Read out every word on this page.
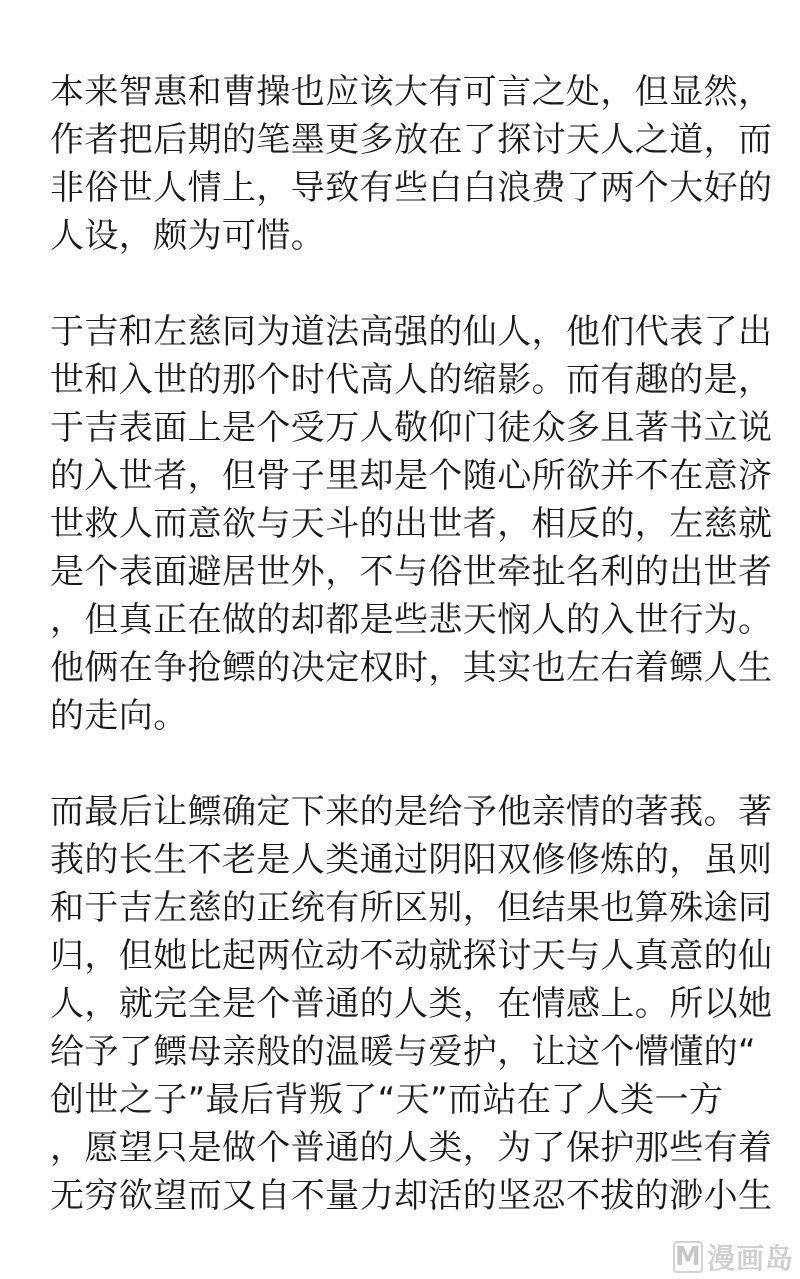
本来智惠和曹操也应该大有可言之处，但显然，
作者把后期的笔墨更多放在了探讨天人之道，而
非俗世人情上，导致有些白白浪费了两个大好的
人设，颇为可惜。
于吉和左慈同为道法高强的仙人，他们代表了出
世和入世的那个时代高人的缩影。而有趣的是，
于吉表面上是个受万人敬仰门徒众多且著书立说
的入世者，但骨子里却是个随心所欲并不在意济
世救人而意欲与天斗的出世者，相反的，左慈就
是个表面避居世外，不与俗世牵扯名利的出世者
，但真正在做的却都是些悲天悯人的入世行为。
他俩在争抢鳔的决定权时，其实也左右着鳔人生
的走向。
而最后让鳔确定下来的是给予他亲情的著莪。著
莪的长生不老是人类通过阴阳双修修炼的，虽则
和于吉左慈的正统有所区别，但结果也算殊途同
归，但她比起两位动不动就探讨天与人真意的仙
人，就完全是个普通的人类，在情感上。所以她
给予了鳔母亲般的温暖与爱护，让这个懵懂的“
创世之子”最后背叛了“天”而站在了人类一方
，愿望只是做个普通的人类，为了保护那些有着
无穷欲望而又自不量力却活的坚忍不拔的渺小生
M 漫画岛
